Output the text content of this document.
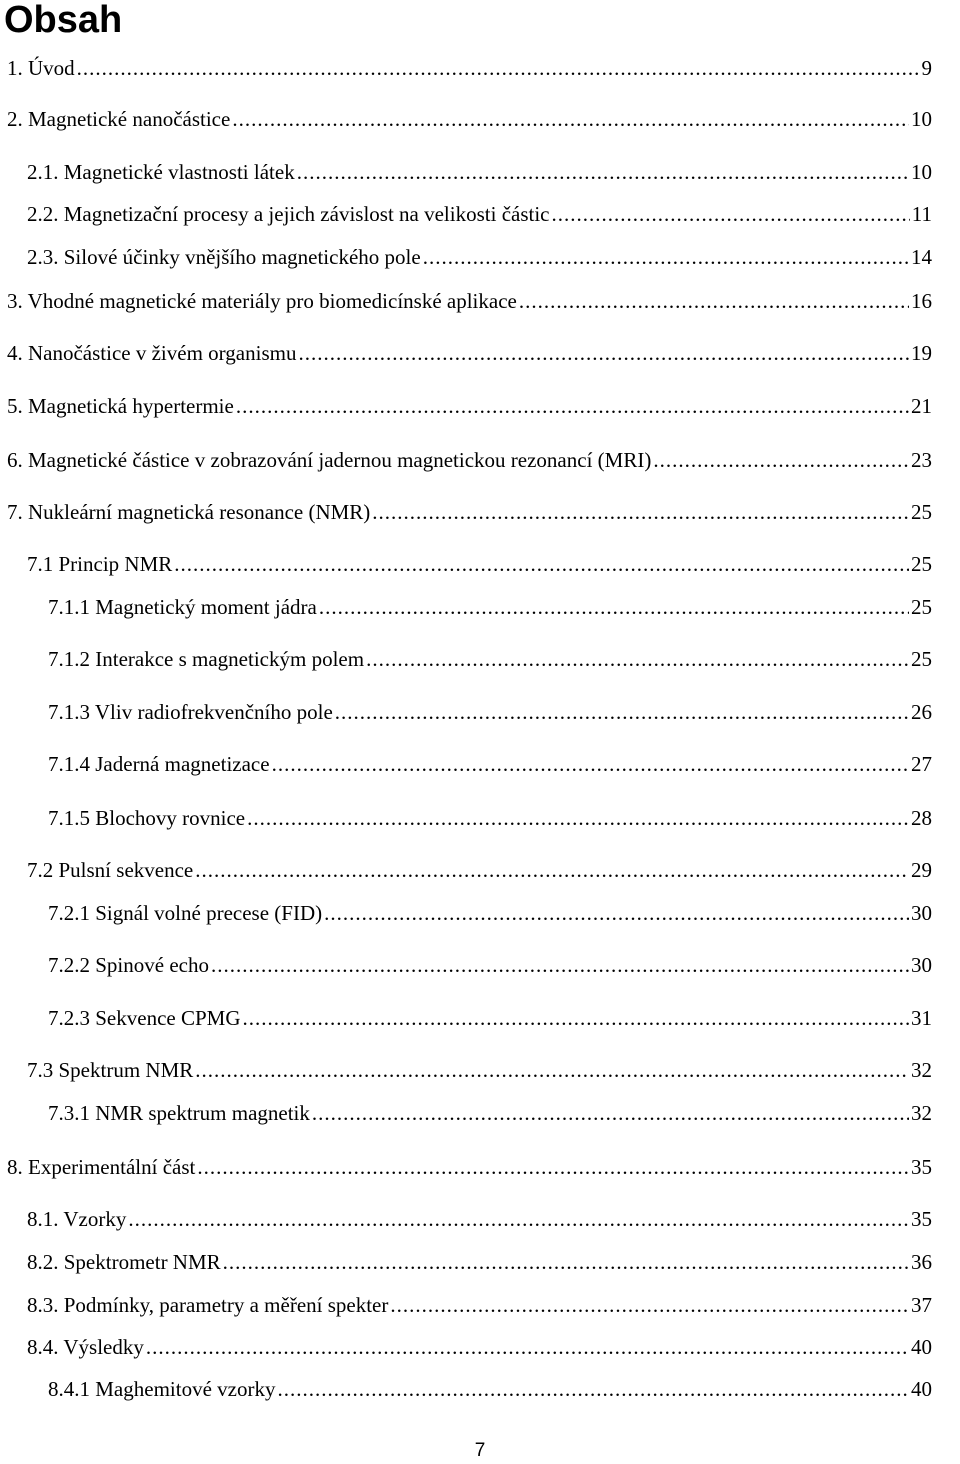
Obsah
1. Úvod .....	9
2. Magnetické nanočástice .....	10
2.1. Magnetické vlastnosti látek .....	10
2.2. Magnetizační procesy a jejich závislost na velikosti částic .....	11
2.3. Silové účinky vnějšího magnetického pole .....	14
3. Vhodné magnetické materiály pro biomedicínské aplikace .....	16
4. Nanočástice v živém organismu .....	19
5. Magnetická hypertermie .....	21
6. Magnetické částice v zobrazování jadernou magnetickou rezonancí (MRI) .....	23
7. Nukleární magnetická resonance (NMR) .....	25
7.1 Princip NMR .....	25
7.1.1 Magnetický moment jádra .....	25
7.1.2 Interakce s magnetickým polem .....	25
7.1.3 Vliv radiofrekvenčního pole .....	26
7.1.4 Jaderná magnetizace .....	27
7.1.5 Blochovy rovnice .....	28
7.2 Pulsní sekvence .....	29
7.2.1 Signál volné precese (FID) .....	30
7.2.2 Spinové echo .....	30
7.2.3 Sekvence CPMG .....	31
7.3 Spektrum NMR .....	32
7.3.1 NMR spektrum magnetik .....	32
8. Experimentální část .....	35
8.1. Vzorky .....	35
8.2. Spektrometr NMR .....	36
8.3. Podmínky, parametry a měření spekter .....	37
8.4. Výsledky .....	40
8.4.1 Maghemitové vzorky .....	40
7
